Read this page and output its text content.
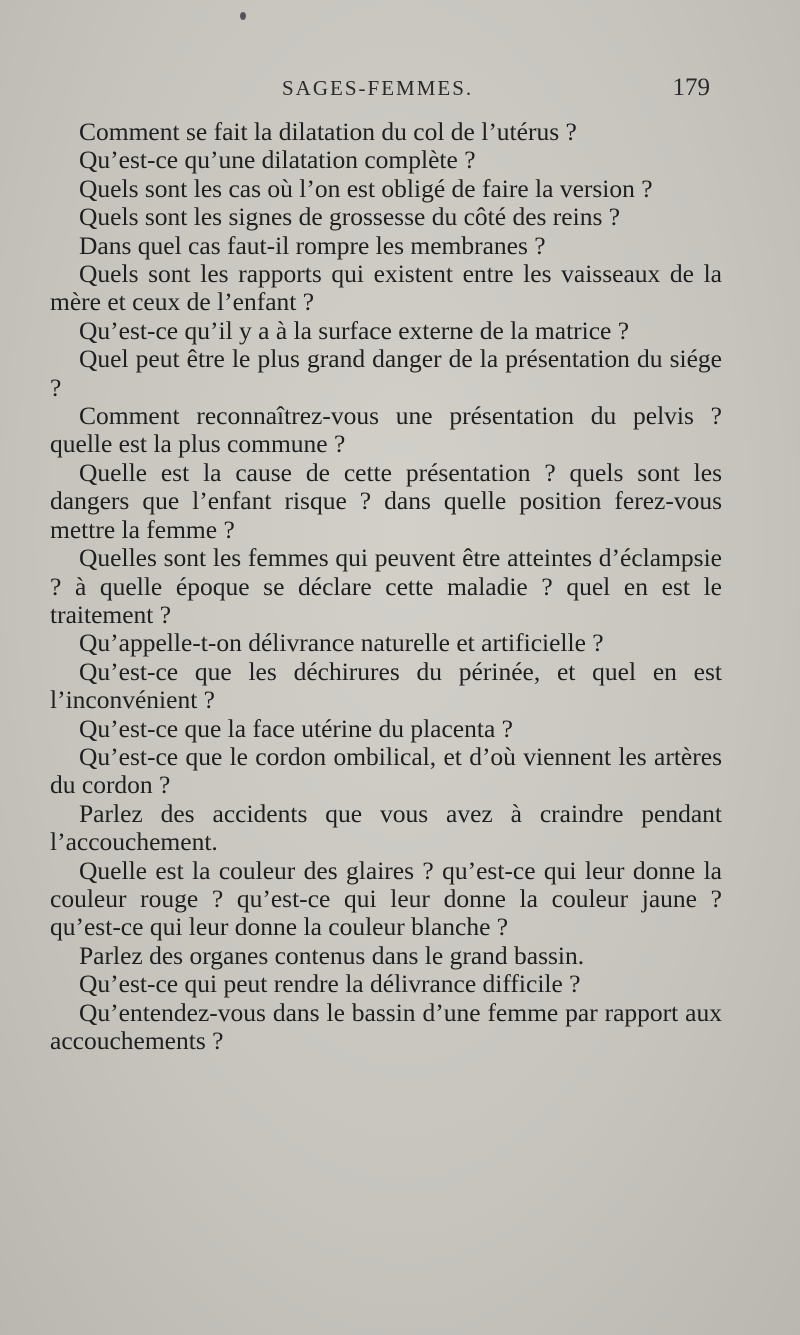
SAGES-FEMMES.	179

Comment se fait la dilatation du col de l’utérus ?

Qu’est-ce qu’une dilatation complète ?

Quels sont les cas où l’on est obligé de faire la version ?

Quels sont les signes de grossesse du côté des reins ?

Dans quel cas faut-il rompre les membranes ?

Quels sont les rapports qui existent entre les vaisseaux de la mère et ceux de l’enfant ?

Qu’est-ce qu’il y a à la surface externe de la matrice ?

Quel peut être le plus grand danger de la présentation du siége ?

Comment reconnaîtrez-vous une présentation du pelvis ? quelle est la plus commune ?

Quelle est la cause de cette présentation ? quels sont les dangers que l’enfant risque ? dans quelle position ferez-vous mettre la femme ?

Quelles sont les femmes qui peuvent être atteintes d’éclampsie ? à quelle époque se déclare cette maladie ? quel en est le traitement ?

Qu’appelle-t-on délivrance naturelle et artificielle ?

Qu’est-ce que les déchirures du périnée, et quel en est l’inconvénient ?

Qu’est-ce que la face utérine du placenta ?

Qu’est-ce que le cordon ombilical, et d’où viennent les artères du cordon ?

Parlez des accidents que vous avez à craindre pendant l’accouchement.

Quelle est la couleur des glaires ? qu’est-ce qui leur donne la couleur rouge ? qu’est-ce qui leur donne la couleur jaune ? qu’est-ce qui leur donne la couleur blanche ?

Parlez des organes contenus dans le grand bassin.

Qu’est-ce qui peut rendre la délivrance difficile ?

Qu’entendez-vous dans le bassin d’une femme par rapport aux accouchements ?
